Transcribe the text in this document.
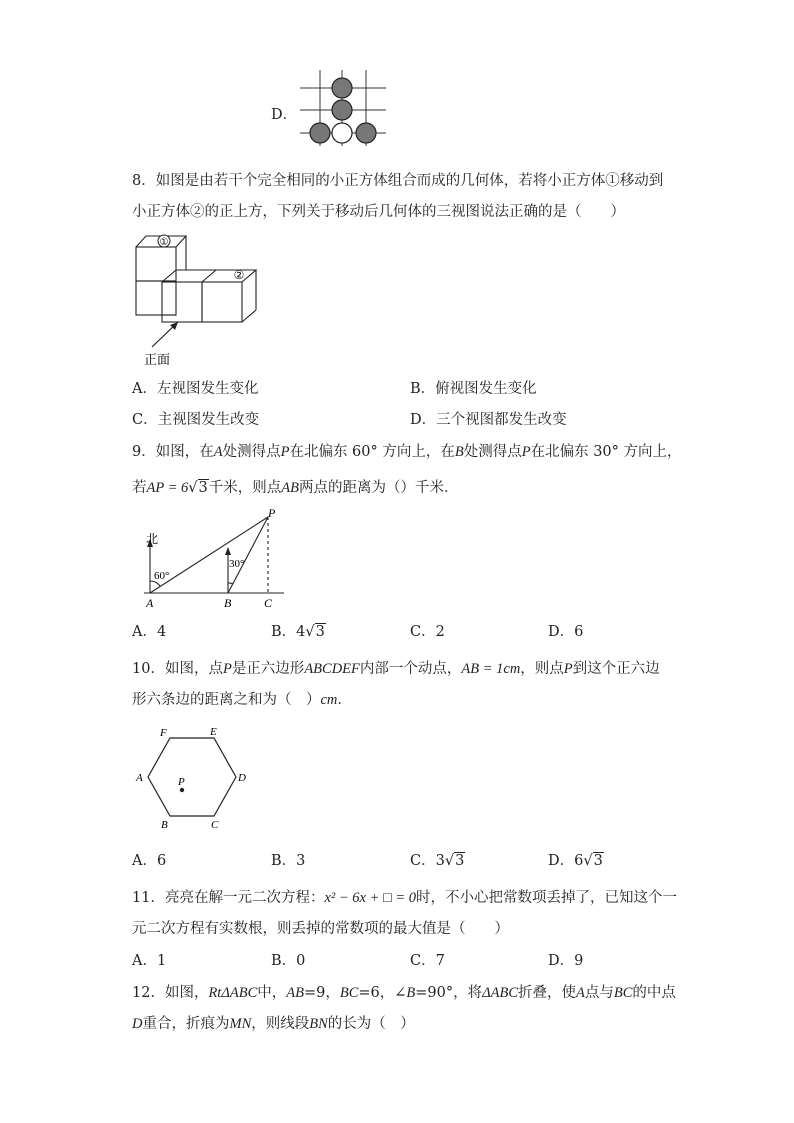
D．
8．如图是由若干个完全相同的小正方体组合而成的几何体，若将小正方体①移动到
小正方体②的正上方，下列关于移动后几何体的三视图说法正确的是（　　）
①
②
正面
A．左视图发生变化	B．俯视图发生变化
C．主视图发生改变	D．三个视图都发生改变
9．如图，在A处测得点P在北偏东 60° 方向上，在B处测得点P在北偏东 30° 方向上，
若AP = 6√3千米，则点AB两点的距离为（）千米．
北
60°
30°
A	B	C
P
A．4	B．4√3	C．2	D．6
10．如图，点P是正六边形ABCDEF内部一个动点，AB = 1cm，则点P到这个正六边
形六条边的距离之和为（　）cm．
F	E
A	D
B	C
P
A．6	B．3	C．3√3	D．6√3
11．亮亮在解一元二次方程：x² − 6x + □ = 0时，不小心把常数项丢掉了，已知这个一
元二次方程有实数根，则丢掉的常数项的最大值是（　　）
A．1	B．0	C．7	D．9
12．如图，RtΔABC中，AB=9，BC=6，∠B=90°，将ΔABC折叠，使A点与BC的中点
D重合，折痕为MN，则线段BN的长为（　）
